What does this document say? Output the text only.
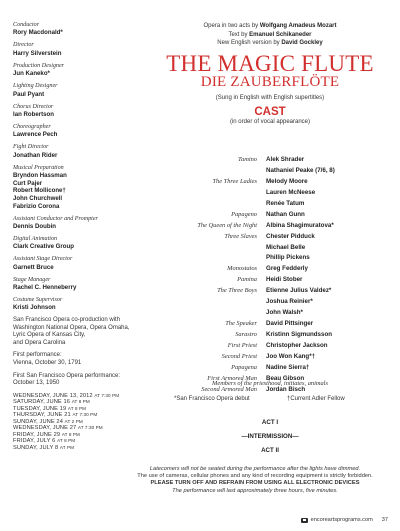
Conductor
Rory Macdonald*
Director
Harry Silverstein
Production Designer
Jun Kaneko*
Lighting Designer
Paul Pyant
Chorus Director
Ian Robertson
Choreographer
Lawrence Pech
Fight Director
Jonathan Rider
Musical Preparation
Bryndon Hassman
Curt Pajer
Robert Mollicone†
John Churchwell
Fabrizio Corona
Assistant Conductor and Prompter
Dennis Doubin
Digital Animation
Clark Creative Group
Assistant Stage Director
Garnett Bruce
Stage Manager
Rachel C. Henneberry
Costume Supervisor
Kristi Johnson
San Francisco Opera co-production with
Washington National Opera, Opera Omaha,
Lyric Opera of Kansas City,
and Opera Carolina
First performance:
Vienna, October 30, 1791
First San Francisco Opera performance:
October 13, 1950
WEDNESDAY, JUNE 13, 2012 AT 7:30 PM
SATURDAY, JUNE 16 AT 8 PM
TUESDAY, JUNE 19 AT 8 PM
THURSDAY, JUNE 21 AT 7:30 PM
SUNDAY, JUNE 24 AT 2 PM
WEDNESDAY, JUNE 27 AT 7:30 PM
FRIDAY, JUNE 29 AT 8 PM
FRIDAY, JULY 6 AT 8 PM
SUNDAY, JULY 8 AT PM
Opera in two acts by Wolfgang Amadeus Mozart
Text by Emanuel Schikaneder
New English version by David Gockley
THE MAGIC FLUTE
DIE ZAUBERFLÖTE
(Sung in English with English supertitles)
CAST
(in order of vocal appearance)
Tamino Alek Shrader
Nathaniel Peake (7/6, 8)
The Three Ladies Melody Moore
Lauren McNeese
Renée Tatum
Papageno Nathan Gunn
The Queen of the Night Albina Shagimuratova*
Three Slaves Chester Pidduck
Michael Belle
Phillip Pickens
Monostatos Greg Fedderly
Pamina Heidi Stober
The Three Boys Etienne Julius Valdez*
Joshua Reinier*
John Walsh*
The Speaker David Pittsinger
Sarastro Kristinn Sigmundsson
First Priest Christopher Jackson
Second Priest Joo Won Kang*†
Papagena Nadine Sierra†
First Armored Man Beau Gibson
Second Armored Man Jordan Bisch
Members of the priesthood, initiates, animals
*San Francisco Opera debut	†Current Adler Fellow
ACT I
—INTERMISSION—
ACT II
Latecomers will not be seated during the performance after the lights have dimmed.
The use of cameras, cellular phones and any kind of recording equipment is strictly forbidden.
PLEASE TURN OFF AND REFRAIN FROM USING ALL ELECTRONIC DEVICES
The performance will last approximately three hours, five minutes.
encoreartsprograms.com 37
